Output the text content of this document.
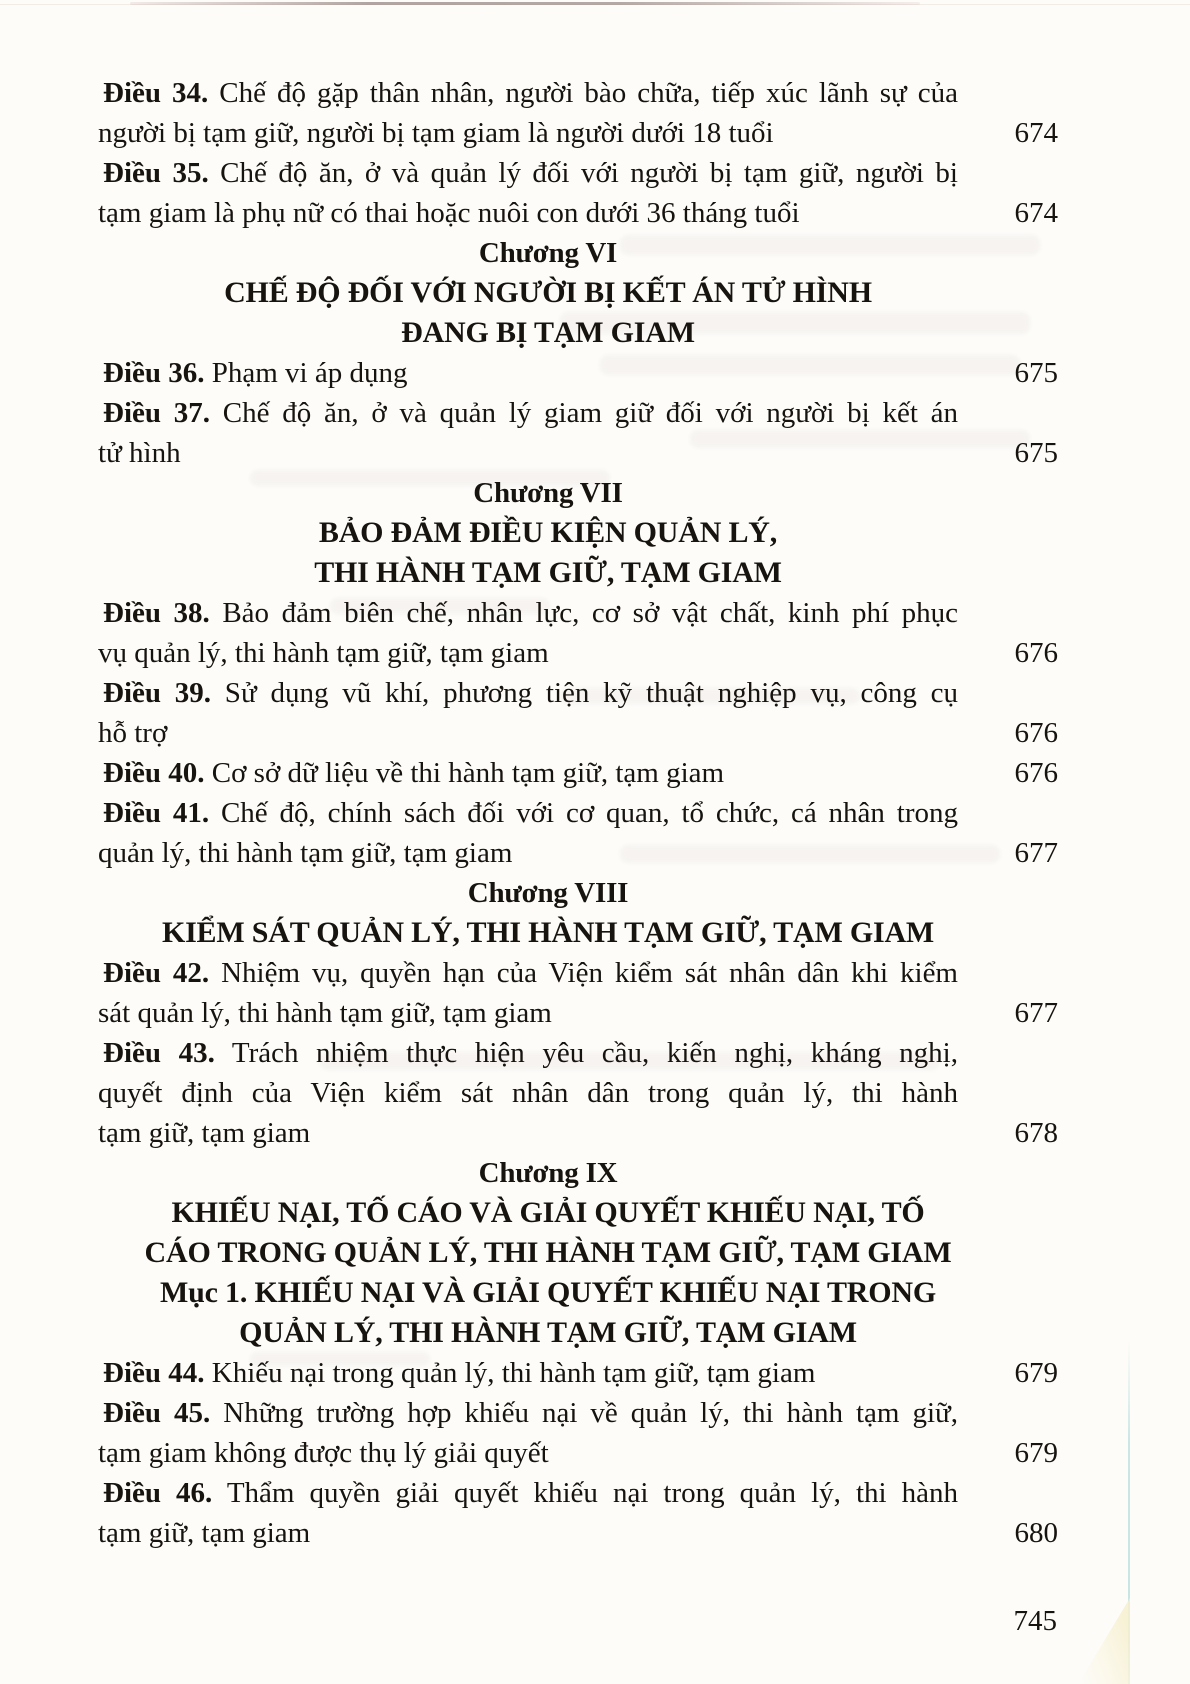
Điều 34. Chế độ gặp thân nhân, người bào chữa, tiếp xúc lãnh sự của
người bị tạm giữ, người bị tạm giam là người dưới 18 tuổi	674
Điều 35. Chế độ ăn, ở và quản lý đối với người bị tạm giữ, người bị
tạm giam là phụ nữ có thai hoặc nuôi con dưới 36 tháng tuổi	674
Chương VI
CHẾ ĐỘ ĐỐI VỚI NGƯỜI BỊ KẾT ÁN TỬ HÌNH
ĐANG BỊ TẠM GIAM
Điều 36. Phạm vi áp dụng	675
Điều 37. Chế độ ăn, ở và quản lý giam giữ đối với người bị kết án
tử hình	675
Chương VII
BẢO ĐẢM ĐIỀU KIỆN QUẢN LÝ,
THI HÀNH TẠM GIỮ, TẠM GIAM
Điều 38. Bảo đảm biên chế, nhân lực, cơ sở vật chất, kinh phí phục
vụ quản lý, thi hành tạm giữ, tạm giam	676
Điều 39. Sử dụng vũ khí, phương tiện kỹ thuật nghiệp vụ, công cụ
hỗ trợ	676
Điều 40. Cơ sở dữ liệu về thi hành tạm giữ, tạm giam	676
Điều 41. Chế độ, chính sách đối với cơ quan, tổ chức, cá nhân trong
quản lý, thi hành tạm giữ, tạm giam	677
Chương VIII
KIỂM SÁT QUẢN LÝ, THI HÀNH TẠM GIỮ, TẠM GIAM
Điều 42. Nhiệm vụ, quyền hạn của Viện kiểm sát nhân dân khi kiểm
sát quản lý, thi hành tạm giữ, tạm giam	677
Điều 43. Trách nhiệm thực hiện yêu cầu, kiến nghị, kháng nghị,
quyết định của Viện kiểm sát nhân dân trong quản lý, thi hành
tạm giữ, tạm giam	678
Chương IX
KHIẾU NẠI, TỐ CÁO VÀ GIẢI QUYẾT KHIẾU NẠI, TỐ
CÁO TRONG QUẢN LÝ, THI HÀNH TẠM GIỮ, TẠM GIAM
Mục 1. KHIẾU NẠI VÀ GIẢI QUYẾT KHIẾU NẠI TRONG
QUẢN LÝ, THI HÀNH TẠM GIỮ, TẠM GIAM
Điều 44. Khiếu nại trong quản lý, thi hành tạm giữ, tạm giam	679
Điều 45. Những trường hợp khiếu nại về quản lý, thi hành tạm giữ,
tạm giam không được thụ lý giải quyết	679
Điều 46. Thẩm quyền giải quyết khiếu nại trong quản lý, thi hành
tạm giữ, tạm giam	680
745
